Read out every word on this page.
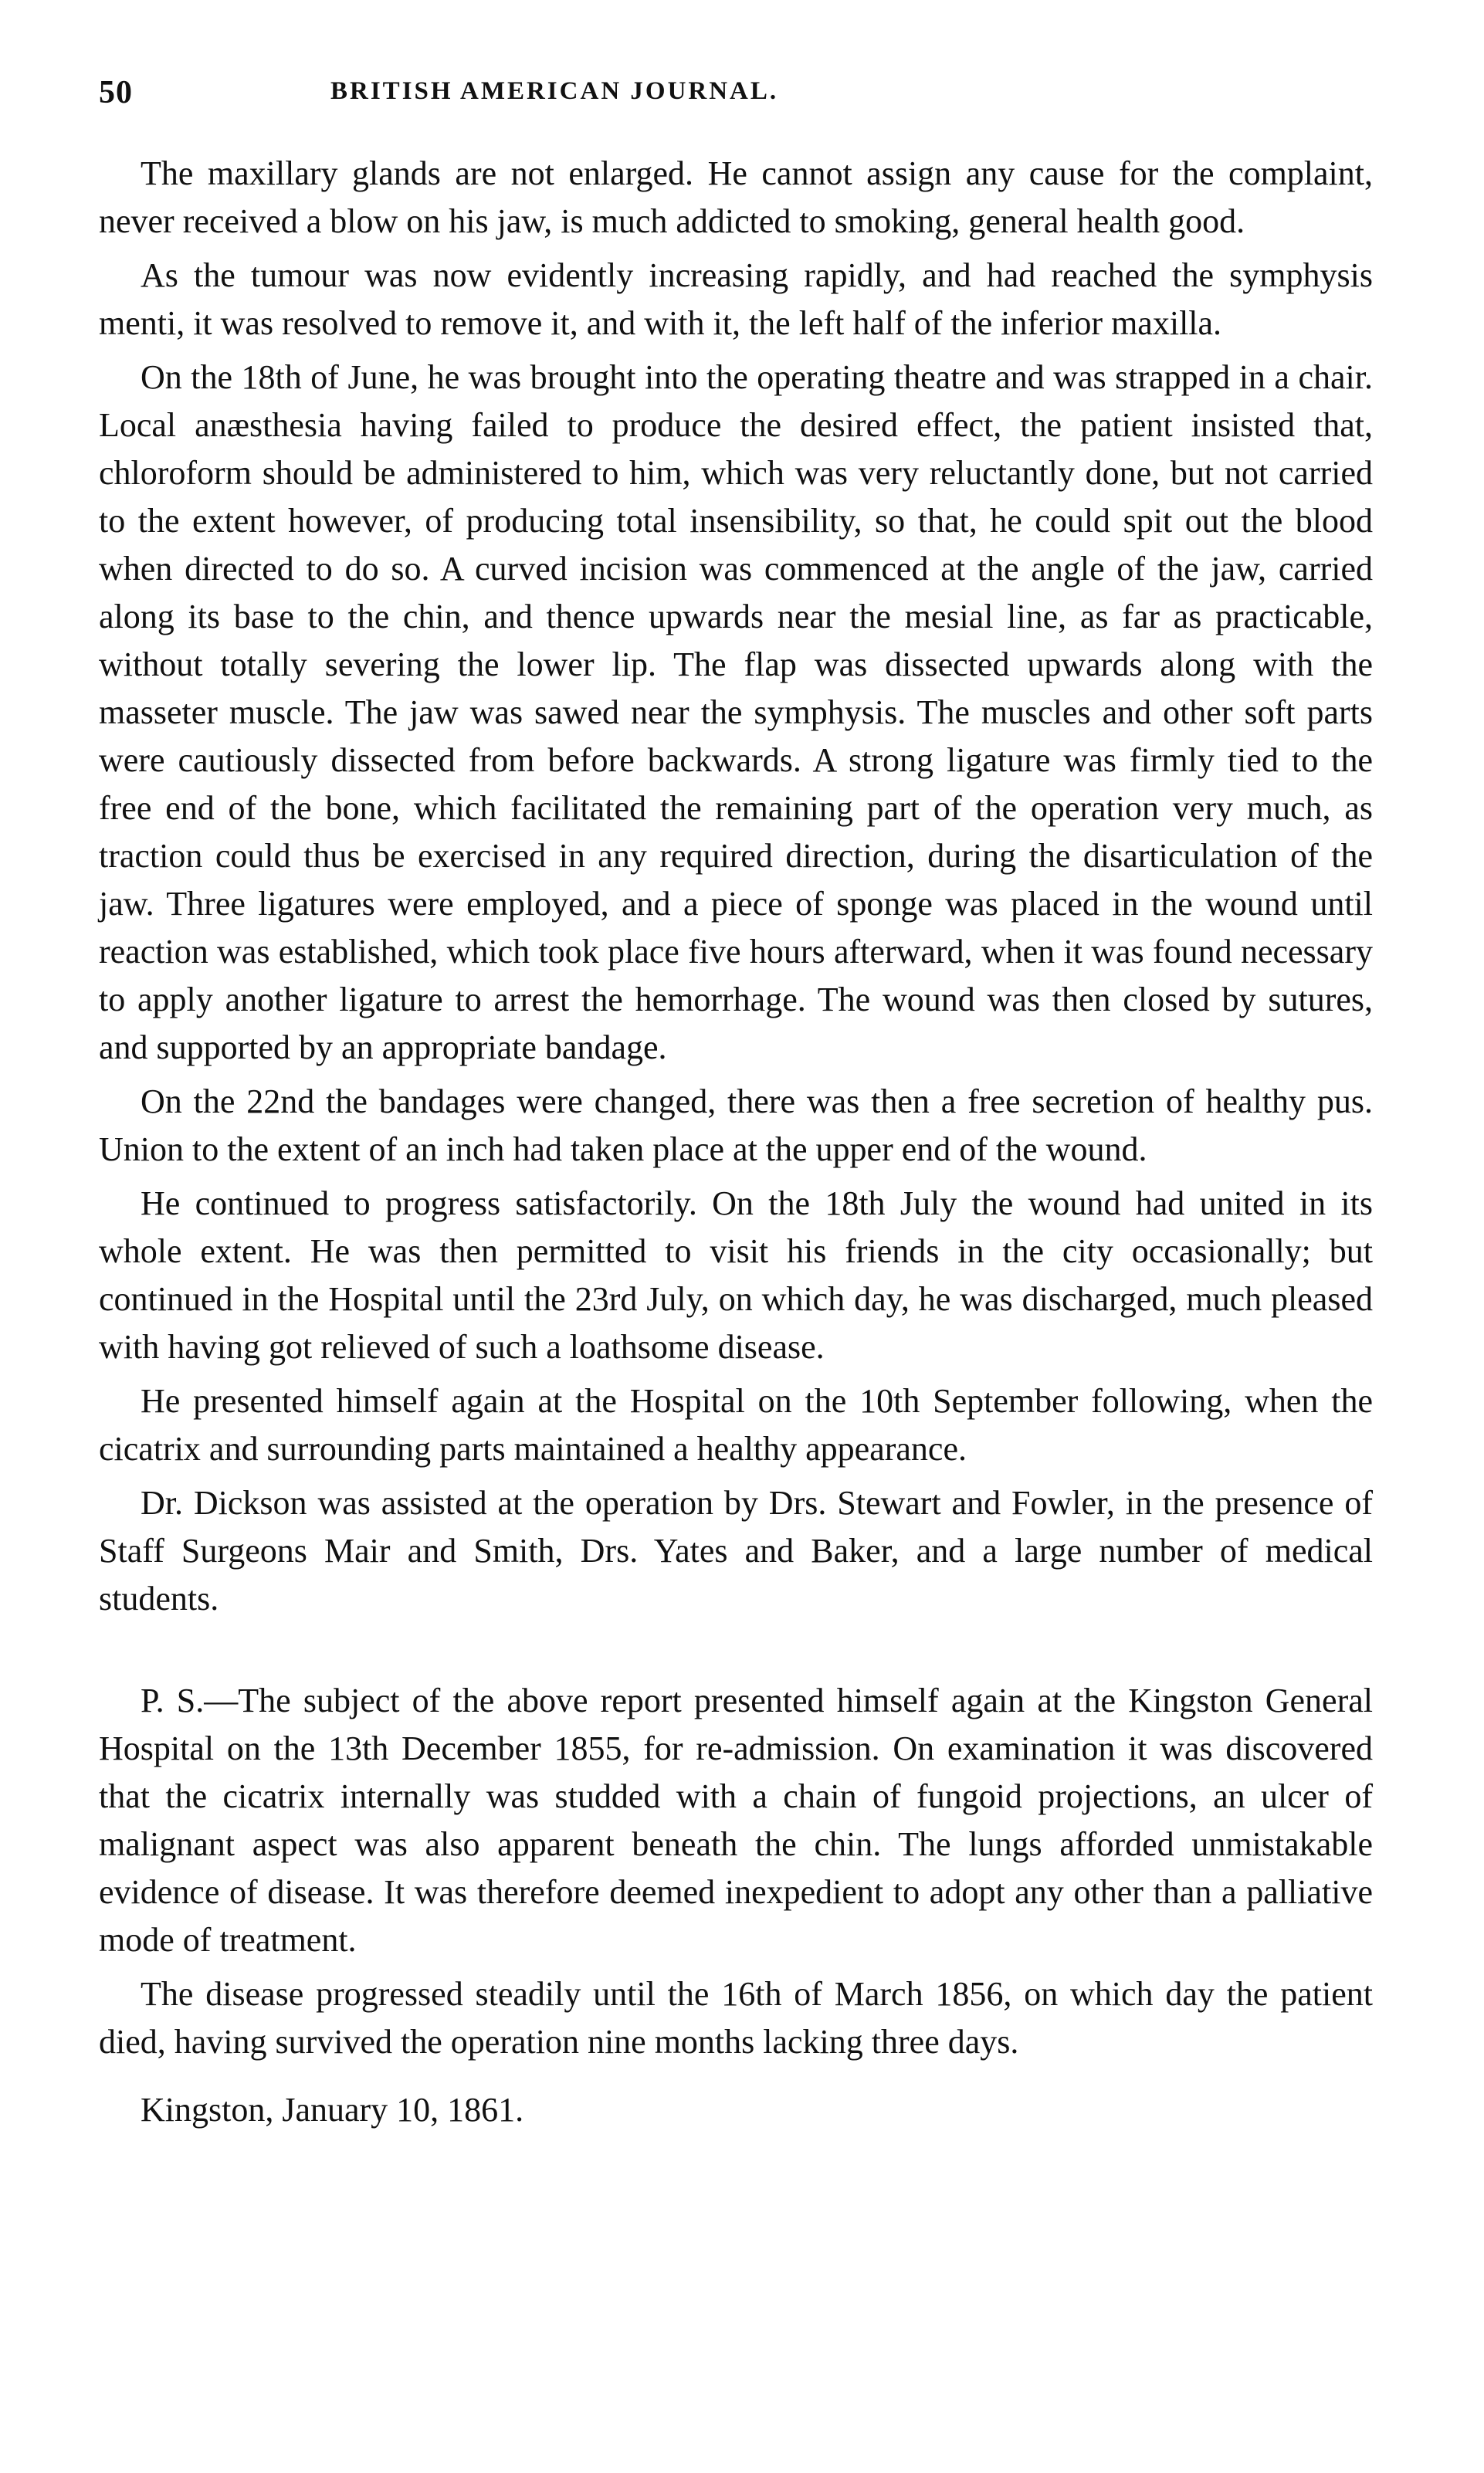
50	BRITISH AMERICAN JOURNAL.

The maxillary glands are not enlarged. He cannot assign any cause for the complaint, never received a blow on his jaw, is much addicted to smoking, general health good.

As the tumour was now evidently increasing rapidly, and had reached the symphysis menti, it was resolved to remove it, and with it, the left half of the inferior maxilla.

On the 18th of June, he was brought into the operating theatre and was strapped in a chair. Local anæsthesia having failed to produce the desired effect, the patient insisted that, chloroform should be administered to him, which was very reluctantly done, but not carried to the extent however, of producing total insensibility, so that, he could spit out the blood when directed to do so. A curved incision was commenced at the angle of the jaw, carried along its base to the chin, and thence upwards near the mesial line, as far as practicable, without totally severing the lower lip. The flap was dissected upwards along with the masseter muscle. The jaw was sawed near the symphysis. The muscles and other soft parts were cautiously dissected from before backwards. A strong ligature was firmly tied to the free end of the bone, which facilitated the remaining part of the operation very much, as traction could thus be exercised in any required direction, during the disarticulation of the jaw. Three ligatures were employed, and a piece of sponge was placed in the wound until reaction was established, which took place five hours afterward, when it was found necessary to apply another ligature to arrest the hemorrhage. The wound was then closed by sutures, and supported by an appropriate bandage.

On the 22nd the bandages were changed, there was then a free secretion of healthy pus. Union to the extent of an inch had taken place at the upper end of the wound.

He continued to progress satisfactorily. On the 18th July the wound had united in its whole extent. He was then permitted to visit his friends in the city occasionally; but continued in the Hospital until the 23rd July, on which day, he was discharged, much pleased with having got relieved of such a loathsome disease.

He presented himself again at the Hospital on the 10th September following, when the cicatrix and surrounding parts maintained a healthy appearance.

Dr. Dickson was assisted at the operation by Drs. Stewart and Fowler, in the presence of Staff Surgeons Mair and Smith, Drs. Yates and Baker, and a large number of medical students.

P. S.—The subject of the above report presented himself again at the Kingston General Hospital on the 13th December 1855, for re-admission. On examination it was discovered that the cicatrix internally was studded with a chain of fungoid projections, an ulcer of malignant aspect was also apparent beneath the chin. The lungs afforded unmistakable evidence of disease. It was therefore deemed inexpedient to adopt any other than a palliative mode of treatment.

The disease progressed steadily until the 16th of March 1856, on which day the patient died, having survived the operation nine months lacking three days.

Kingston, January 10, 1861.
